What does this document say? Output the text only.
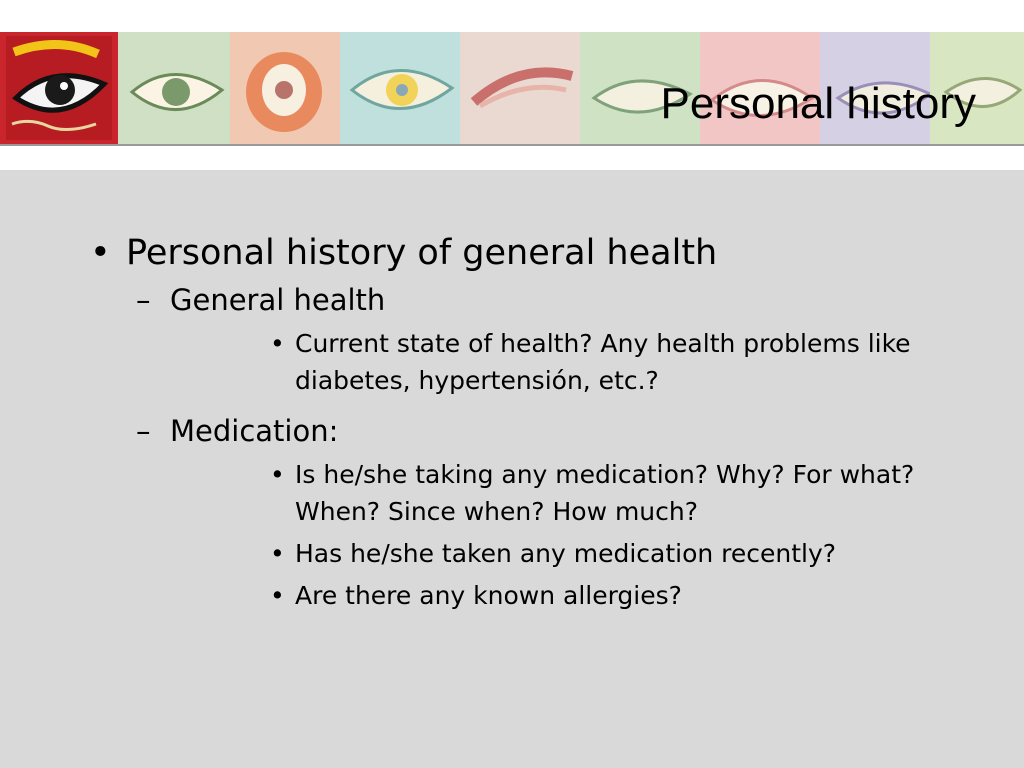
Personal history
• Personal history of general health
– General health
• Current state of health? Any health problems like diabetes, hypertensión, etc.?
– Medication:
• Is he/she taking any medication? Why? For what? When? Since when? How much?
• Has he/she taken any medication recently?
• Are there any known allergies?
